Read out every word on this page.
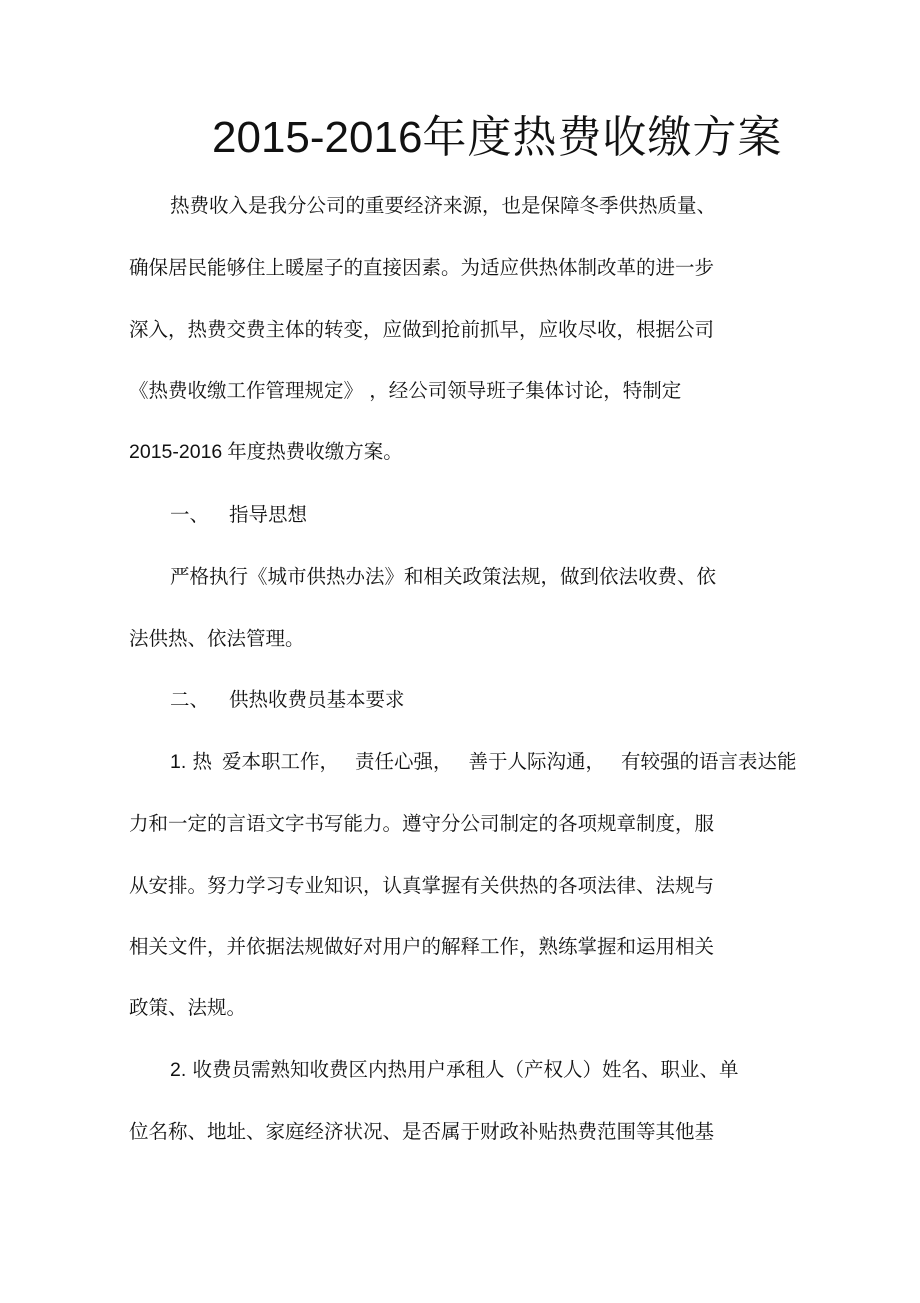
2015-2016年度热费收缴方案
热费收入是我分公司的重要经济来源，也是保障冬季供热质量、
确保居民能够住上暖屋子的直接因素。为适应供热体制改革的进一步
深入，热费交费主体的转变，应做到抢前抓早，应收尽收，根据公司
《热费收缴工作管理规定》 ，经公司领导班子集体讨论，特制定
2015-2016 年度热费收缴方案。
一、 指导思想
严格执行《城市供热办法》和相关政策法规，做到依法收费、依
法供热、依法管理。
二、 供热收费员基本要求
1. 热 爱本职工作， 责任心强， 善于人际沟通， 有较强的语言表达能
力和一定的言语文字书写能力。遵守分公司制定的各项规章制度，服
从安排。努力学习专业知识，认真掌握有关供热的各项法律、法规与
相关文件，并依据法规做好对用户的解释工作，熟练掌握和运用相关
政策、法规。
2. 收费员需熟知收费区内热用户承租人（产权人）姓名、职业、单
位名称、地址、家庭经济状况、是否属于财政补贴热费范围等其他基
